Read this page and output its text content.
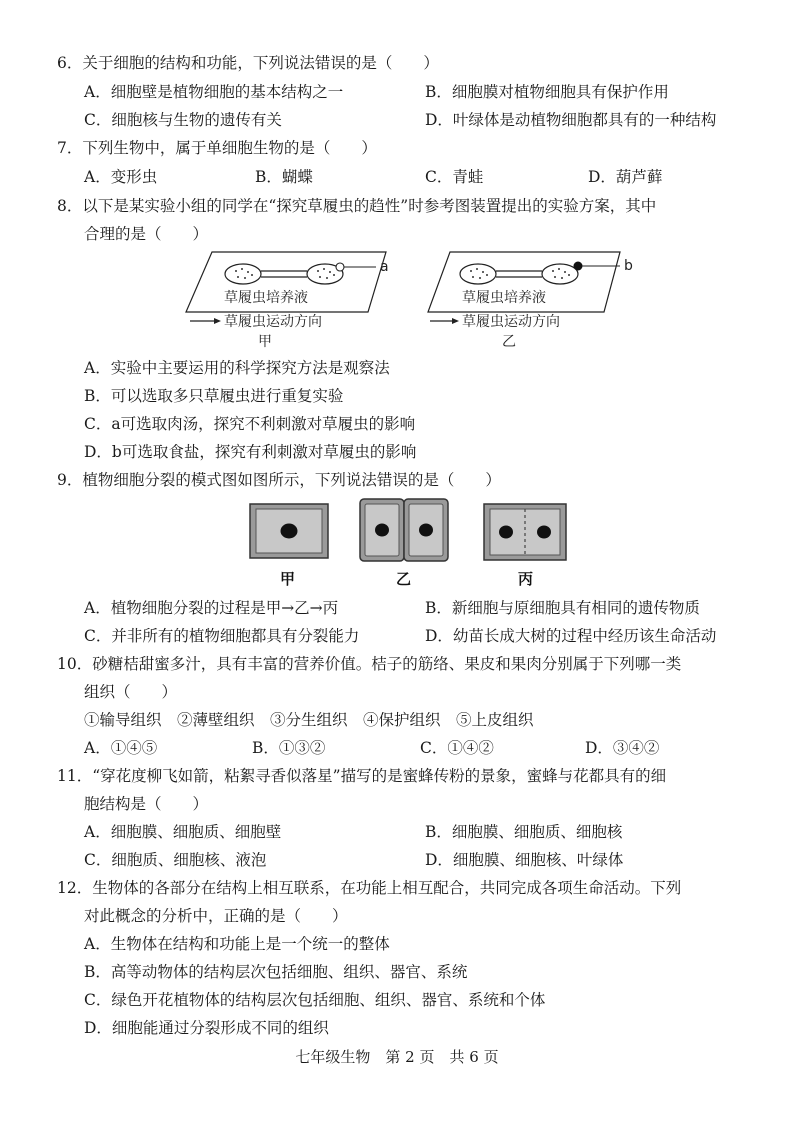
6．关于细胞的结构和功能，下列说法错误的是（　　）
A．细胞壁是植物细胞的基本结构之一	B．细胞膜对植物细胞具有保护作用
C．细胞核与生物的遗传有关	D．叶绿体是动植物细胞都具有的一种结构
7．下列生物中，属于单细胞生物的是（　　）
A．变形虫	B．蝴蝶	C．青蛙	D．葫芦藓
8．以下是某实验小组的同学在“探究草履虫的趋性”时参考图装置提出的实验方案，其中
合理的是（　　）
a
草履虫培养液
草履虫运动方向
甲
b
草履虫培养液
草履虫运动方向
乙
A．实验中主要运用的科学探究方法是观察法
B．可以选取多只草履虫进行重复实验
C．a可选取肉汤，探究不利刺激对草履虫的影响
D．b可选取食盐，探究有利刺激对草履虫的影响
9．植物细胞分裂的模式图如图所示，下列说法错误的是（　　）
甲	乙	丙
A．植物细胞分裂的过程是甲→乙→丙	B．新细胞与原细胞具有相同的遗传物质
C．并非所有的植物细胞都具有分裂能力	D．幼苗长成大树的过程中经历该生命活动
10．砂糖桔甜蜜多汁，具有丰富的营养价值。桔子的筋络、果皮和果肉分别属于下列哪一类
组织（　　）
①输导组织　②薄壁组织　③分生组织　④保护组织　⑤上皮组织
A．①④⑤	B．①③②	C．①④②	D．③④②
11．“穿花度柳飞如箭，粘絮寻香似落星”描写的是蜜蜂传粉的景象，蜜蜂与花都具有的细
胞结构是（　　）
A．细胞膜、细胞质、细胞壁	B．细胞膜、细胞质、细胞核
C．细胞质、细胞核、液泡	D．细胞膜、细胞核、叶绿体
12．生物体的各部分在结构上相互联系，在功能上相互配合，共同完成各项生命活动。下列
对此概念的分析中，正确的是（　　）
A．生物体在结构和功能上是一个统一的整体
B．高等动物体的结构层次包括细胞、组织、器官、系统
C．绿色开花植物体的结构层次包括细胞、组织、器官、系统和个体
D．细胞能通过分裂形成不同的组织
七年级生物　第 2 页　共 6 页
